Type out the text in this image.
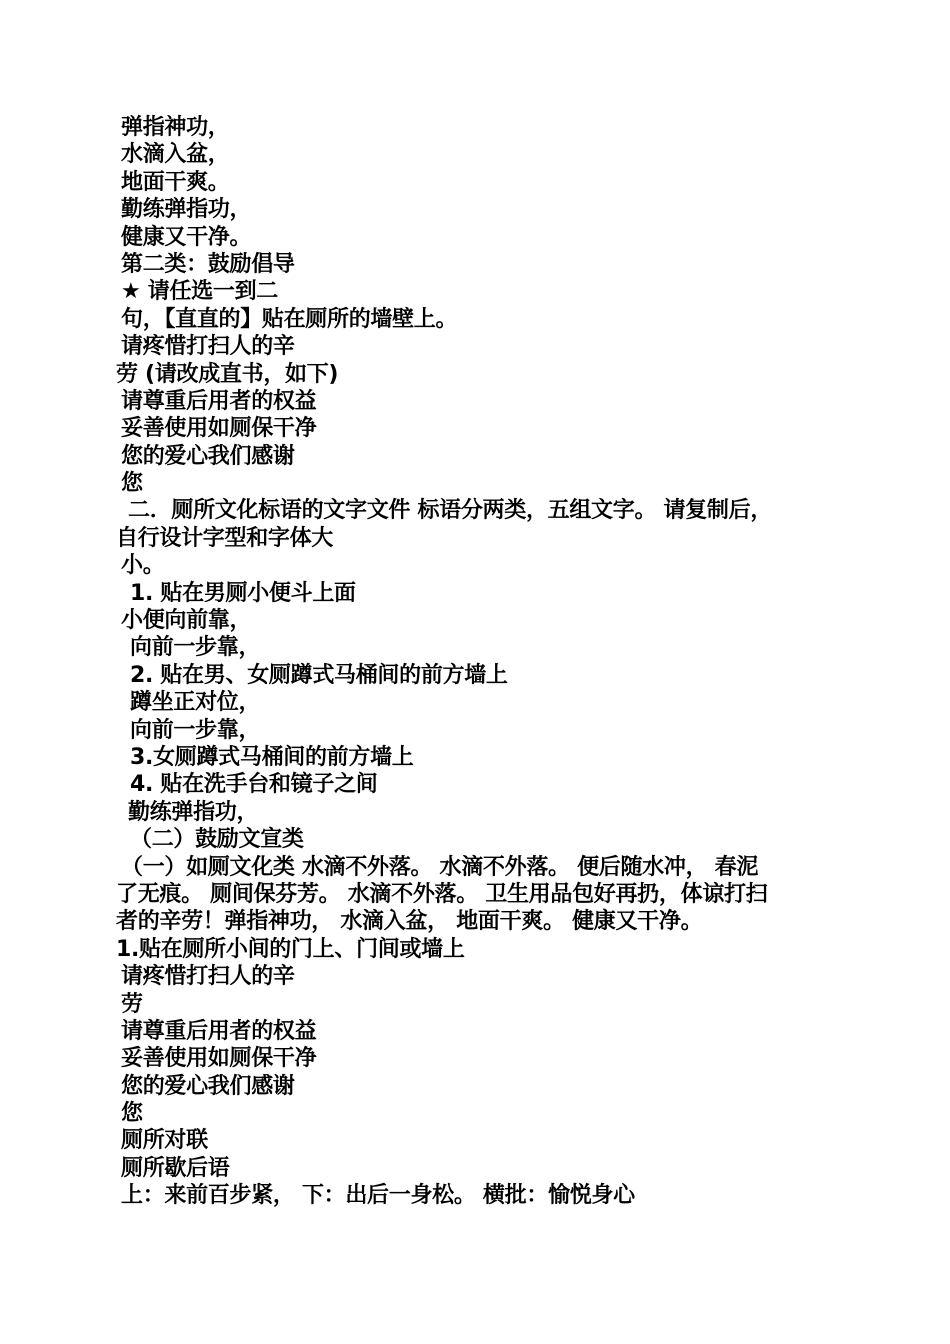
弹指神功，
水滴入盆，
地面干爽。
勤练弹指功，
健康又干净。
第二类：鼓励倡导
★ 请任选一到二
句，【直直的】贴在厕所的墙壁上。
请疼惜打扫人的辛
劳 (请改成直书，如下)
请尊重后用者的权益
妥善使用如厕保干净
您的爱心我们感谢
您
二．厕所文化标语的文字文件 标语分两类，五组文字。 请复制后，
自行设计字型和字体大
小。
1. 贴在男厕小便斗上面
小便向前靠，
向前一步靠，
2. 贴在男、女厕蹲式马桶间的前方墙上
蹲坐正对位，
向前一步靠，
3.女厕蹲式马桶间的前方墙上
4. 贴在洗手台和镜子之间
勤练弹指功，
（二）鼓励文宣类
（一）如厕文化类 水滴不外落。 水滴不外落。 便后随水冲， 春泥
了无痕。 厕间保芬芳。 水滴不外落。 卫生用品包好再扔，体谅打扫
者的辛劳！弹指神功， 水滴入盆， 地面干爽。 健康又干净。
1.贴在厕所小间的门上、门间或墙上
请疼惜打扫人的辛
劳
请尊重后用者的权益
妥善使用如厕保干净
您的爱心我们感谢
您
厕所对联
厕所歇后语
上：来前百步紧， 下：出后一身松。 横批：愉悦身心
